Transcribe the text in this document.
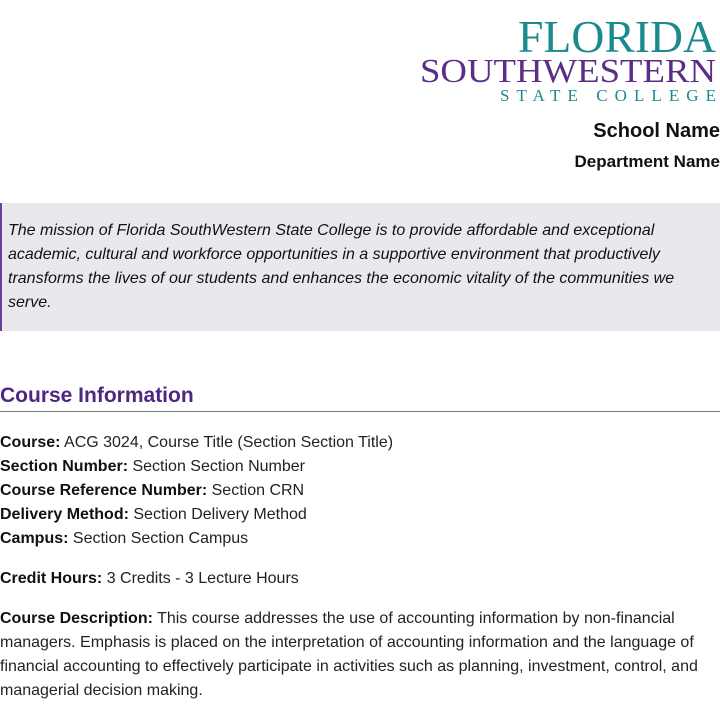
FLORIDA
SOUTHWESTERN
STATE COLLEGE
School Name
Department Name
The mission of Florida SouthWestern State College is to provide affordable and exceptional academic, cultural and workforce opportunities in a supportive environment that productively transforms the lives of our students and enhances the economic vitality of the communities we serve.
Course Information

Course: ACG 3024, Course Title (Section Section Title)

Section Number: Section Section Number

Course Reference Number: Section CRN

Delivery Method: Section Delivery Method

Campus: Section Section Campus

Credit Hours: 3 Credits - 3 Lecture Hours

Course Description: This course addresses the use of accounting information by non-financial managers. Emphasis is placed on the interpretation of accounting information and the language of financial accounting to effectively participate in activities such as planning, investment, control, and managerial decision making.
